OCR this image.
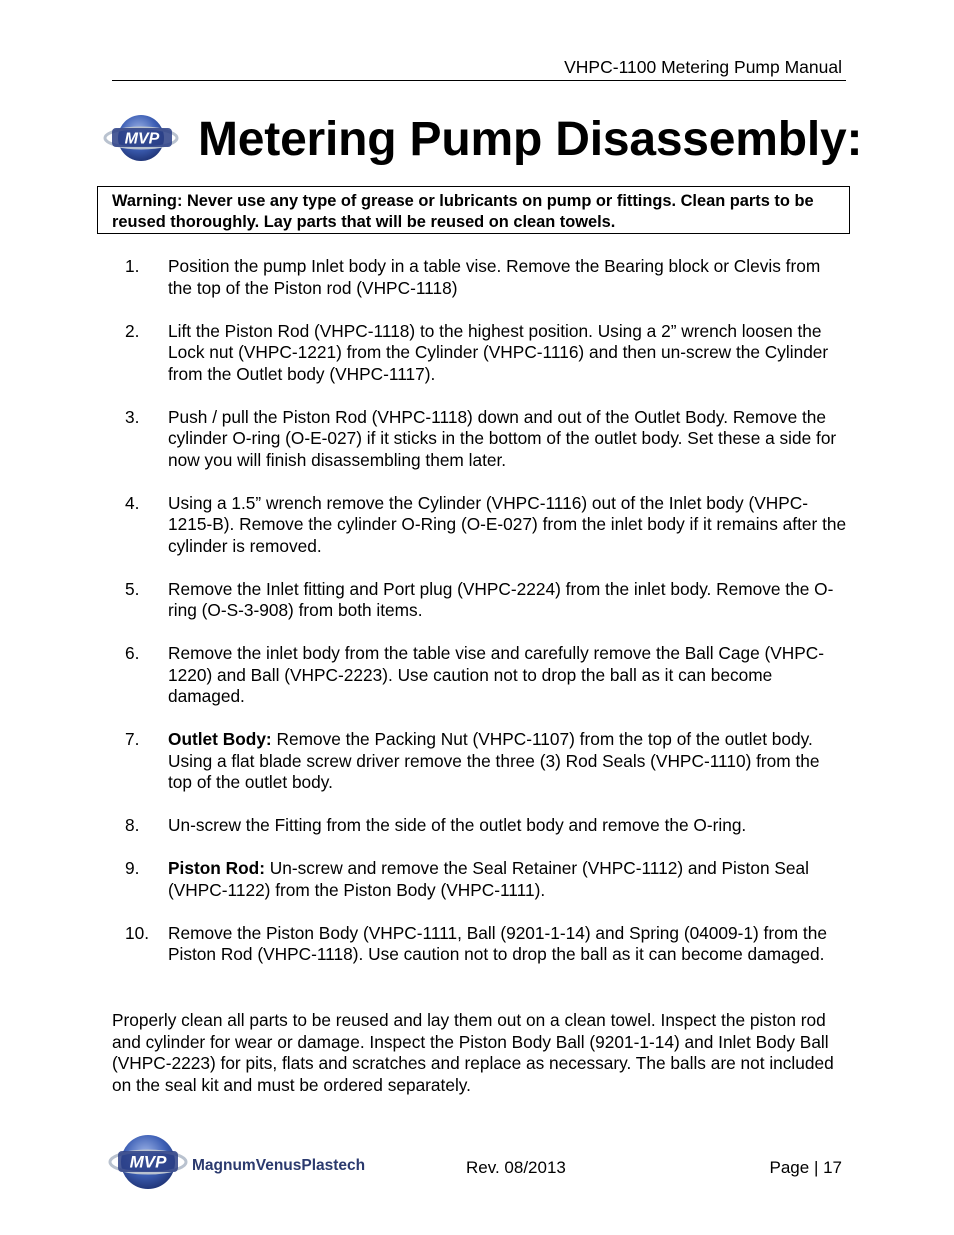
VHPC-1100 Metering Pump Manual
MVP Metering Pump Disassembly:
Warning: Never use any type of grease or lubricants on pump or fittings. Clean parts to be reused thoroughly. Lay parts that will be reused on clean towels.
1. Position the pump Inlet body in a table vise. Remove the Bearing block or Clevis from the top of the Piston rod (VHPC-1118)
2. Lift the Piston Rod (VHPC-1118) to the highest position. Using a 2” wrench loosen the Lock nut (VHPC-1221) from the Cylinder (VHPC-1116) and then un-screw the Cylinder from the Outlet body (VHPC-1117).
3. Push / pull the Piston Rod (VHPC-1118) down and out of the Outlet Body. Remove the cylinder O-ring (O-E-027) if it sticks in the bottom of the outlet body. Set these a side for now you will finish disassembling them later.
4. Using a 1.5” wrench remove the Cylinder (VHPC-1116) out of the Inlet body (VHPC-1215-B). Remove the cylinder O-Ring (O-E-027) from the inlet body if it remains after the cylinder is removed.
5. Remove the Inlet fitting and Port plug (VHPC-2224) from the inlet body. Remove the O-ring (O-S-3-908) from both items.
6. Remove the inlet body from the table vise and carefully remove the Ball Cage (VHPC-1220) and Ball (VHPC-2223). Use caution not to drop the ball as it can become damaged.
7. Outlet Body: Remove the Packing Nut (VHPC-1107) from the top of the outlet body. Using a flat blade screw driver remove the three (3) Rod Seals (VHPC-1110) from the top of the outlet body.
8. Un-screw the Fitting from the side of the outlet body and remove the O-ring.
9. Piston Rod: Un-screw and remove the Seal Retainer (VHPC-1112) and Piston Seal (VHPC-1122) from the Piston Body (VHPC-1111).
10. Remove the Piston Body (VHPC-1111, Ball (9201-1-14) and Spring (04009-1) from the Piston Rod (VHPC-1118). Use caution not to drop the ball as it can become damaged.
Properly clean all parts to be reused and lay them out on a clean towel. Inspect the piston rod and cylinder for wear or damage. Inspect the Piston Body Ball (9201-1-14) and Inlet Body Ball (VHPC-2223) for pits, flats and scratches and replace as necessary. The balls are not included on the seal kit and must be ordered separately.
MVP MagnumVenusPlastech	Rev. 08/2013	Page | 17
